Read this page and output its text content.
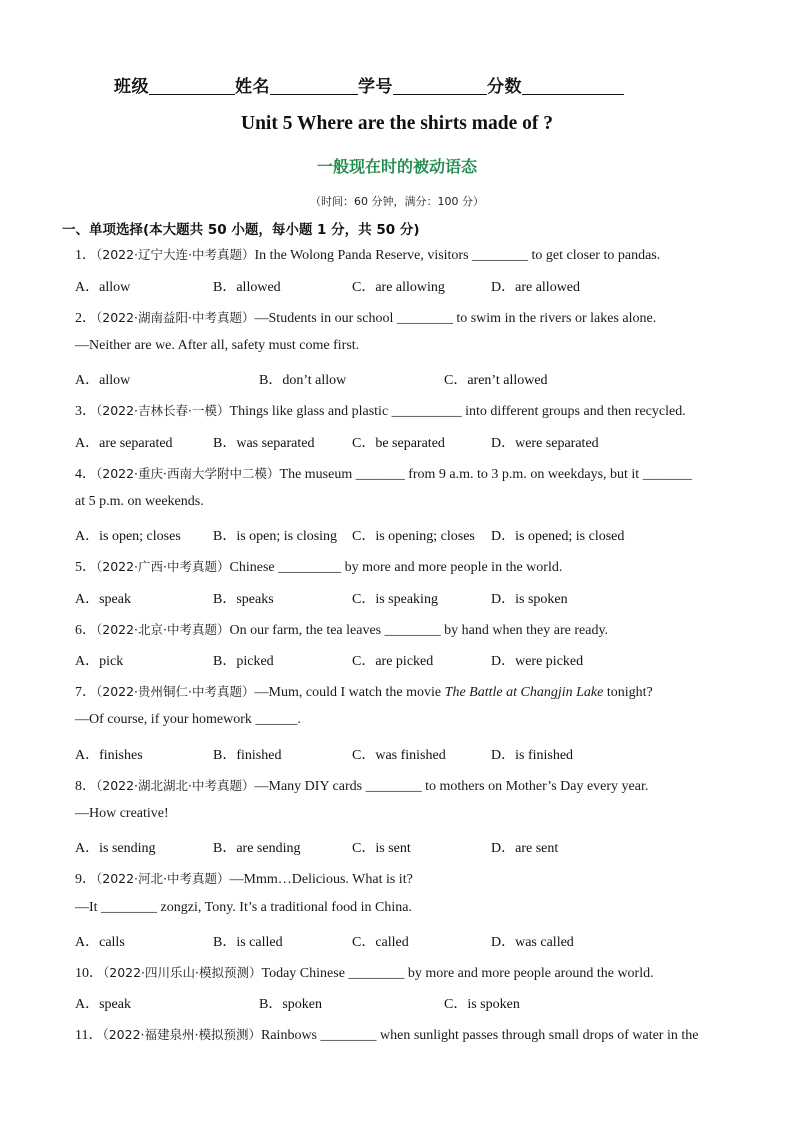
班级	姓名	学号	分数
Unit 5 Where are the shirts made of ?
一般现在时的被动语态
（时间：60 分钟，满分：100 分）
一、单项选择(本大题共 50 小题，每小题 1 分，共 50 分)
1．（2022·辽宁大连·中考真题）In the Wolong Panda Reserve, visitors ________ to get closer to pandas.
A．allow	B．allowed	C．are allowing	D．are allowed
2．（2022·湖南益阳·中考真题）—Students in our school ________ to swim in the rivers or lakes alone.
—Neither are we. After all, safety must come first.
A．allow	B．don’t allow	C．aren’t allowed
3．（2022·吉林长春·一模）Things like glass and plastic __________ into different groups and then recycled.
A．are separated	B．was separated	C．be separated	D．were separated
4．（2022·重庆·西南大学附中二模）The museum _______ from 9 a.m. to 3 p.m. on weekdays, but it _______
at 5 p.m. on weekends.
A．is open; closes B．is open; is closing C．is opening; closes D．is opened; is closed
5．（2022·广西·中考真题）Chinese _________ by more and more people in the world.
A．speak	B．speaks	C．is speaking	D．is spoken
6．（2022·北京·中考真题）On our farm, the tea leaves ________ by hand when they are ready.
A．pick	B．picked	C．are picked	D．were picked
7．（2022·贵州铜仁·中考真题）—Mum, could I watch the movie The Battle at Changjin Lake tonight?
—Of course, if your homework ______.
A．finishes	B．finished	C．was finished	D．is finished
8．（2022·湖北湖北·中考真题）—Many DIY cards ________ to mothers on Mother’s Day every year.
—How creative!
A．is sending	B．are sending	C．is sent	D．are sent
9．（2022·河北·中考真题）—Mmm…Delicious. What is it?
—It ________ zongzi, Tony. It’s a traditional food in China.
A．calls	B．is called	C．called	D．was called
10．（2022·四川乐山·模拟预测）Today Chinese ________ by more and more people around the world.
A．speak	B．spoken	C．is spoken
11．（2022·福建泉州·模拟预测）Rainbows ________ when sunlight passes through small drops of water in the
